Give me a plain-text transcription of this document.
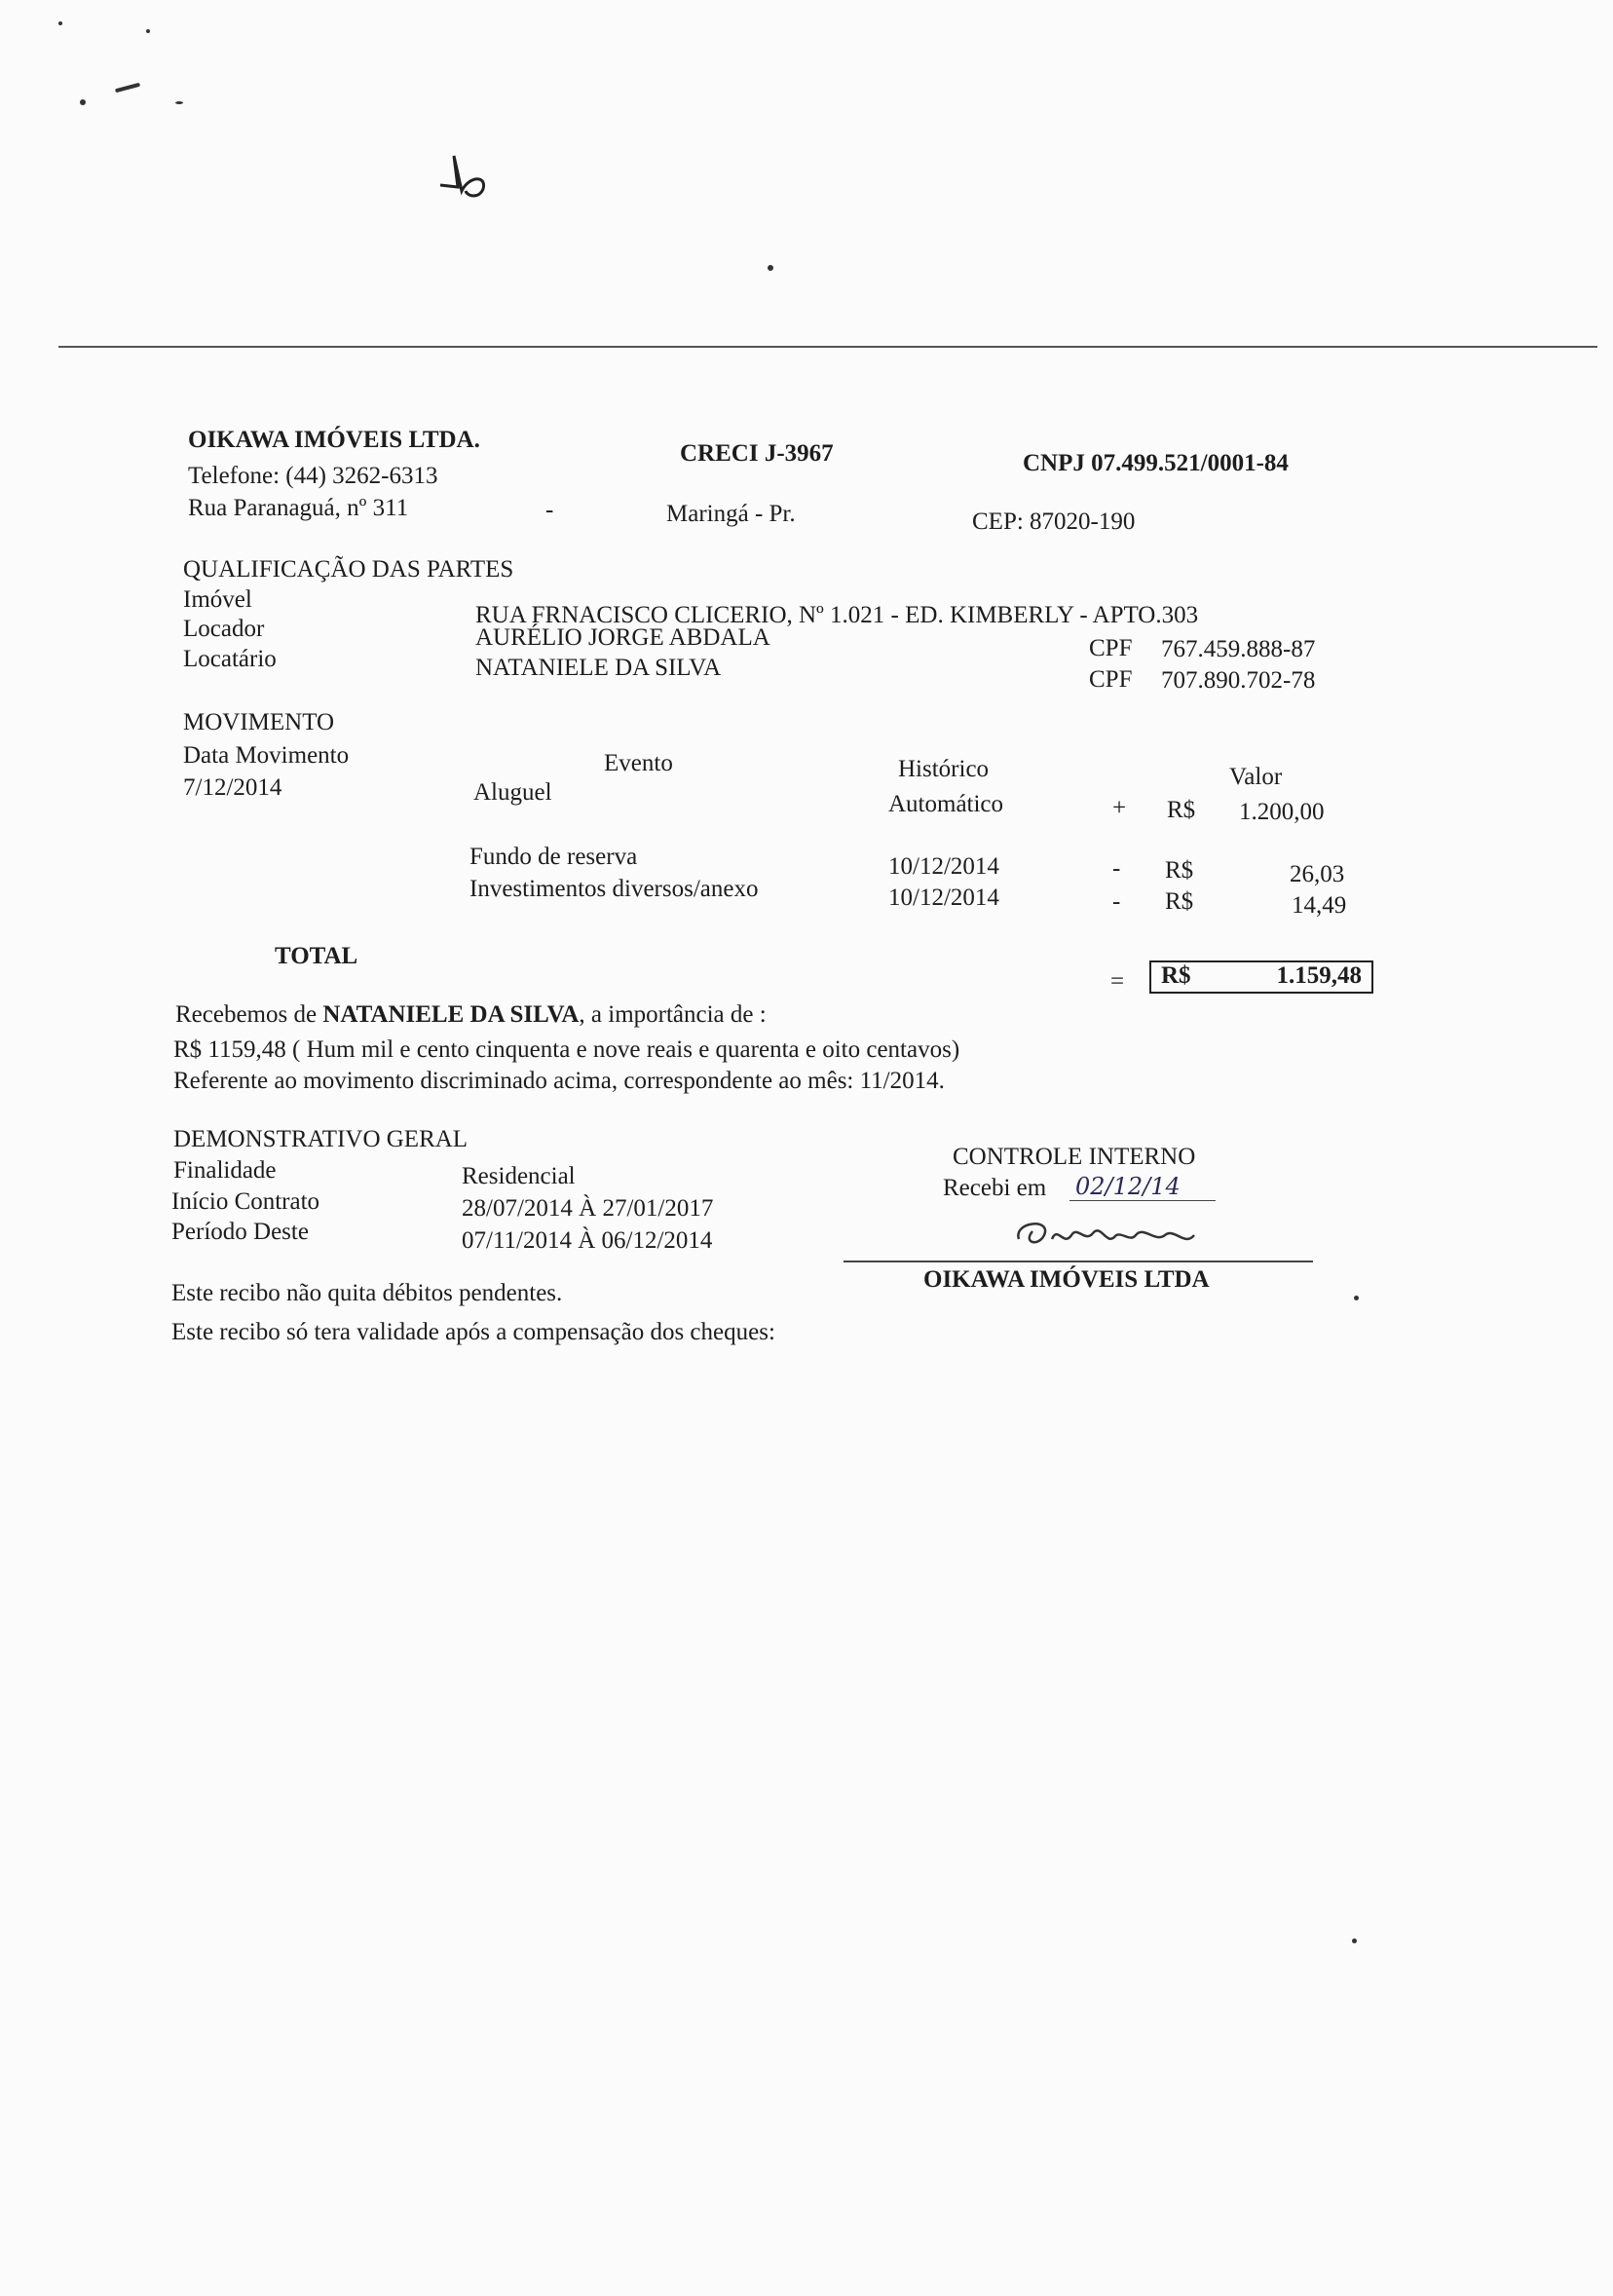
OIKAWA IMÓVEIS LTDA.
Telefone: (44) 3262-6313
Rua Paranaguá, nº 311	-
CRECI J-3967
Maringá - Pr.
CNPJ 07.499.521/0001-84
CEP: 87020-190
QUALIFICAÇÃO DAS PARTES
Imóvel
RUA FRNAСISCO CLICERIO, Nº 1.021 - ED. KIMBERLY - APTO.303
Locador	AURÉLIO JORGE ABDALA	CPF 767.459.888-87
Locatário	NATANIELE DA SILVA	CPF 707.890.702-78
MOVIMENTO
Data Movimento
7/12/2014
Evento	Histórico	Valor
Aluguel	Automático	+ R$ 1.200,00
Fundo de reserva	10/12/2014	- R$	26,03
Investimentos diversos/anexo	10/12/2014	- R$	14,49
TOTAL
= R$	1.159,48
Recebemos de NATANIELE DA SILVA, a importância de :
R$ 1159,48 ( Hum mil e cento cinquenta e nove reais e quarenta e oito centavos)
Referente ao movimento discriminado acima, correspondente ao mês: 11/2014.
DEMONSTRATIVO GERAL
Finalidade	Residencial
Início Contrato	28/07/2014 À 27/01/2017
Período Deste	07/11/2014 À 06/12/2014
Este recibo não quita débitos pendentes.
Este recibo só tera validade após a compensação dos cheques:
CONTROLE INTERNO
Recebi em 02/12/14
OIKAWA IMÓVEIS LTDA
